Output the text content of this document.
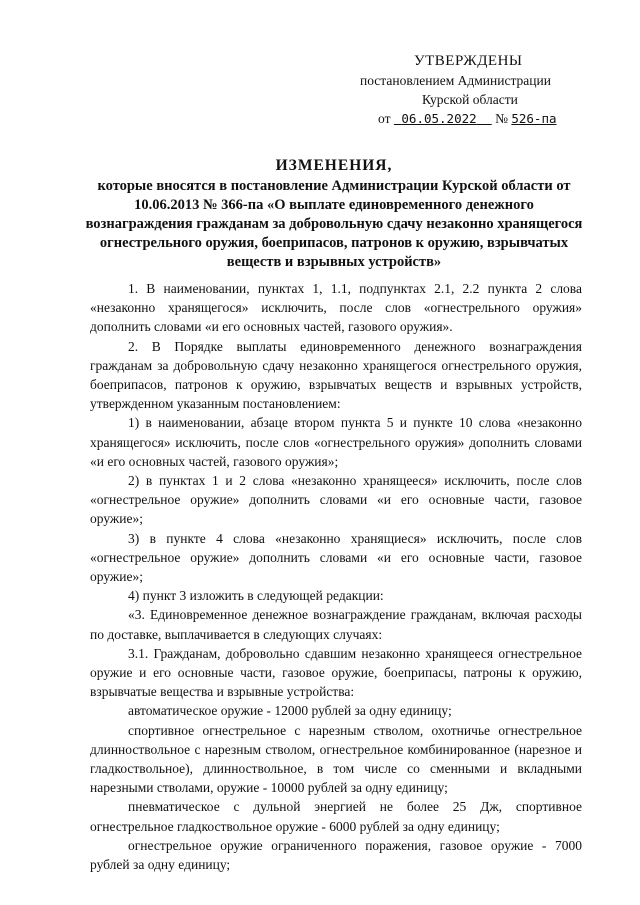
УТВЕРЖДЕНЫ
постановлением Администрации
Курской области
от 06.05.2022 № 526-па
ИЗМЕНЕНИЯ,
которые вносятся в постановление Администрации Курской области от 10.06.2013 № 366-па «О выплате единовременного денежного вознаграждения гражданам за добровольную сдачу незаконно хранящегося огнестрельного оружия, боеприпасов, патронов к оружию, взрывчатых веществ и взрывных устройств»

1. В наименовании, пунктах 1, 1.1, подпунктах 2.1, 2.2 пункта 2 слова «незаконно хранящегося» исключить, после слов «огнестрельного оружия» дополнить словами «и его основных частей, газового оружия».

2. В Порядке выплаты единовременного денежного вознаграждения гражданам за добровольную сдачу незаконно хранящегося огнестрельного оружия, боеприпасов, патронов к оружию, взрывчатых веществ и взрывных устройств, утвержденном указанным постановлением:

1) в наименовании, абзаце втором пункта 5 и пункте 10 слова «незаконно хранящегося» исключить, после слов «огнестрельного оружия» дополнить словами «и его основных частей, газового оружия»;

2) в пунктах 1 и 2 слова «незаконно хранящееся» исключить, после слов «огнестрельное оружие» дополнить словами «и его основные части, газовое оружие»;

3) в пункте 4 слова «незаконно хранящиеся» исключить, после слов «огнестрельное оружие» дополнить словами «и его основные части, газовое оружие»;

4) пункт 3 изложить в следующей редакции:

«3. Единовременное денежное вознаграждение гражданам, включая расходы по доставке, выплачивается в следующих случаях:

3.1. Гражданам, добровольно сдавшим незаконно хранящееся огнестрельное оружие и его основные части, газовое оружие, боеприпасы, патроны к оружию, взрывчатые вещества и взрывные устройства:

автоматическое оружие - 12000 рублей за одну единицу;

спортивное огнестрельное с нарезным стволом, охотничье огнестрельное длинноствольное с нарезным стволом, огнестрельное комбинированное (нарезное и гладкоствольное), длинноствольное, в том числе со сменными и вкладными нарезными стволами, оружие - 10000 рублей за одну единицу;

пневматическое с дульной энергией не более 25 Дж, спортивное огнестрельное гладкоствольное оружие - 6000 рублей за одну единицу;

огнестрельное оружие ограниченного поражения, газовое оружие - 7000 рублей за одну единицу;
